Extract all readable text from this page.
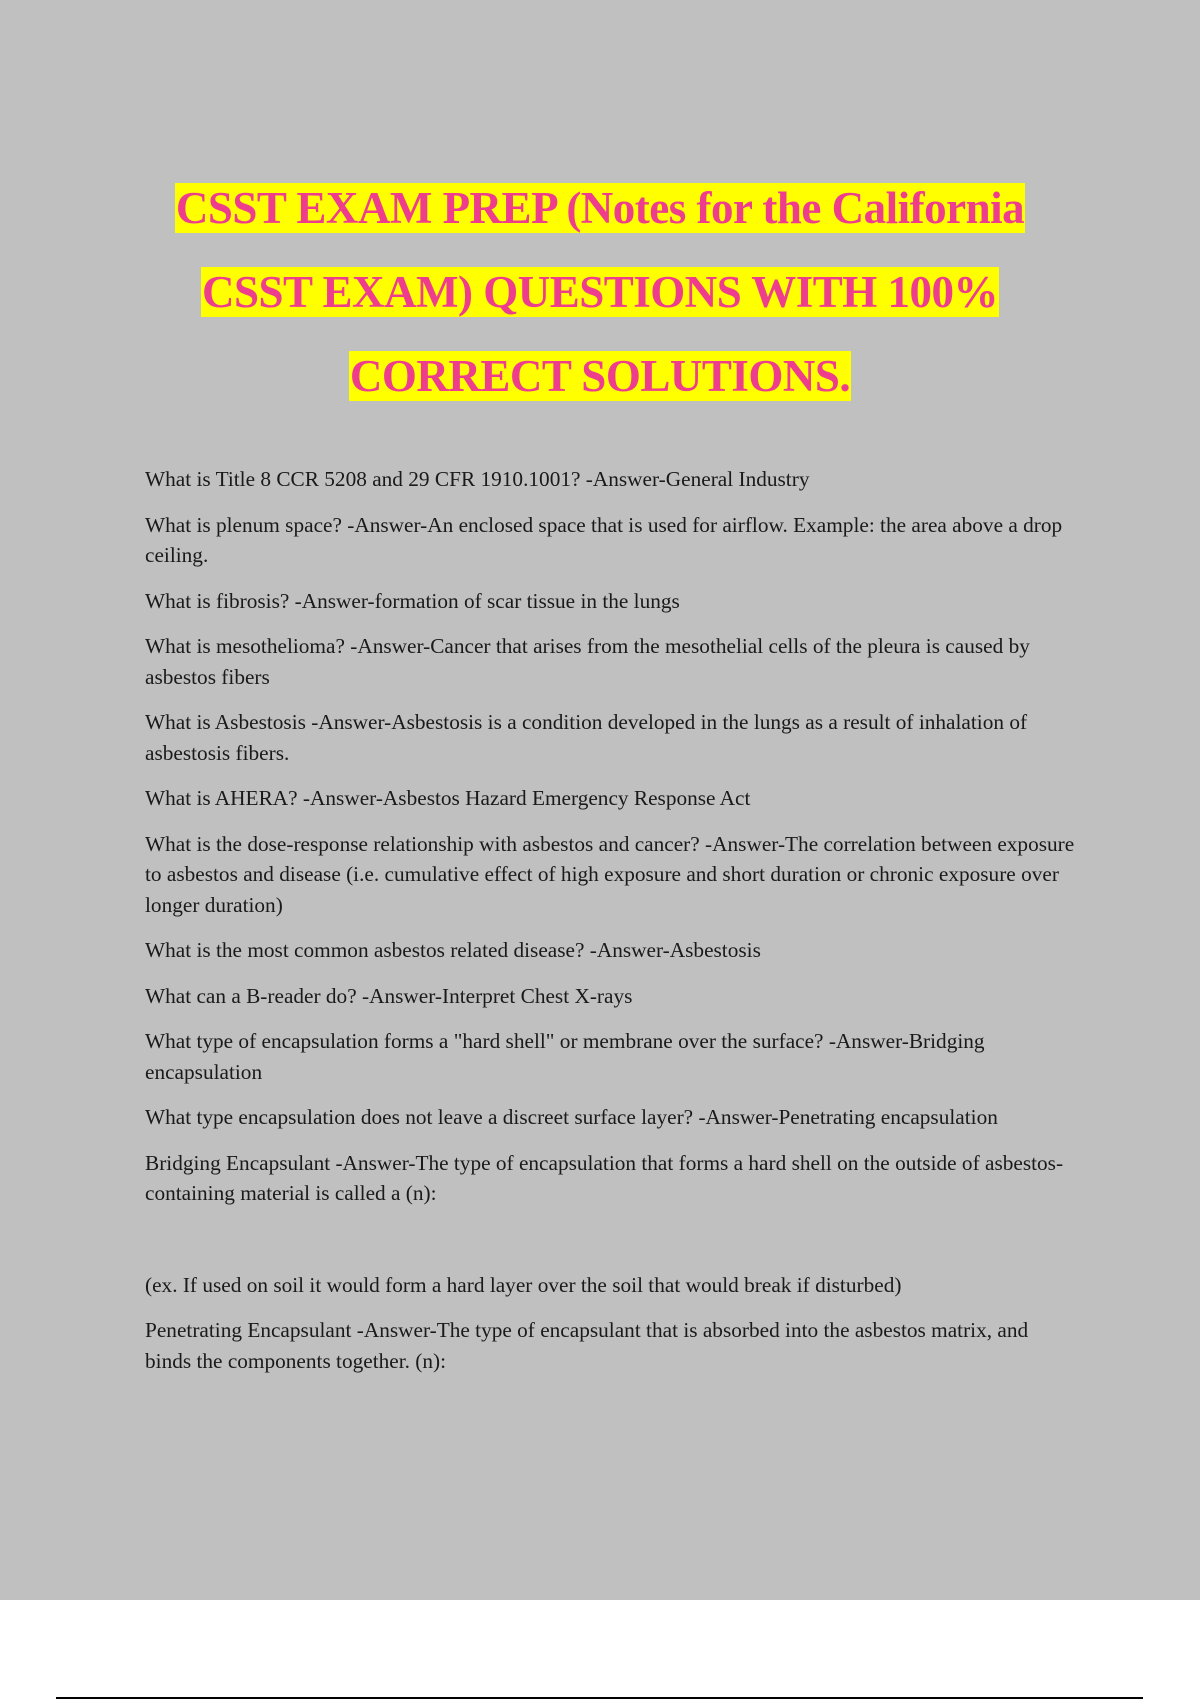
CSST EXAM PREP (Notes for the California
CSST EXAM) QUESTIONS WITH 100%
CORRECT SOLUTIONS.

What is Title 8 CCR 5208 and 29 CFR 1910.1001? -Answer-General Industry

What is plenum space? -Answer-An enclosed space that is used for airflow. Example: the area above a drop ceiling.

What is fibrosis? -Answer-formation of scar tissue in the lungs

What is mesothelioma? -Answer-Cancer that arises from the mesothelial cells of the pleura is caused by asbestos fibers

What is Asbestosis -Answer-Asbestosis is a condition developed in the lungs as a result of inhalation of asbestosis fibers.

What is AHERA? -Answer-Asbestos Hazard Emergency Response Act

What is the dose-response relationship with asbestos and cancer? -Answer-The correlation between exposure to asbestos and disease (i.e. cumulative effect of high exposure and short duration or chronic exposure over longer duration)

What is the most common asbestos related disease? -Answer-Asbestosis

What can a B-reader do? -Answer-Interpret Chest X-rays

What type of encapsulation forms a "hard shell" or membrane over the surface? -Answer-Bridging encapsulation

What type encapsulation does not leave a discreet surface layer? -Answer-Penetrating encapsulation

Bridging Encapsulant -Answer-The type of encapsulation that forms a hard shell on the outside of asbestos-containing material is called a (n):

(ex. If used on soil it would form a hard layer over the soil that would break if disturbed)

Penetrating Encapsulant -Answer-The type of encapsulant that is absorbed into the asbestos matrix, and binds the components together. (n):
